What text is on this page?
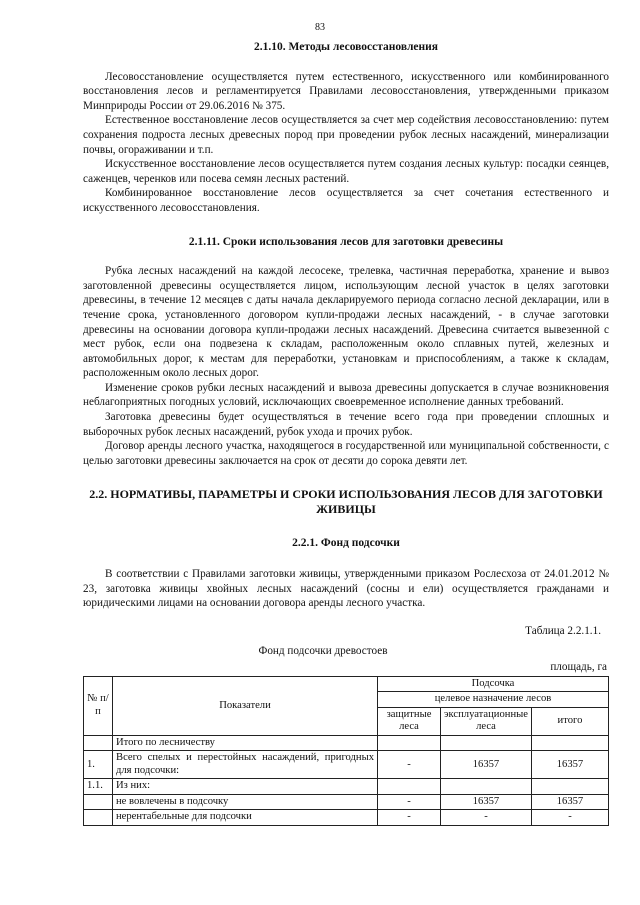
83
2.1.10. Методы лесовосстановления

Лесовосстановление осуществляется путем естественного, искусственного или комбинированного восстановления лесов и регламентируется Правилами лесовосстановления, утвержденными приказом Минприроды России от 29.06.2016 № 375.

Естественное восстановление лесов осуществляется за счет мер содействия лесовосстановлению: путем сохранения подроста лесных древесных пород при проведении рубок лесных насаждений, минерализации почвы, огораживании и т.п.

Искусственное восстановление лесов осуществляется путем создания лесных культур: посадки сеянцев, саженцев, черенков или посева семян лесных растений.

Комбинированное восстановление лесов осуществляется за счет сочетания естественного и искусственного лесовосстановления.

2.1.11. Сроки использования лесов для заготовки древесины

Рубка лесных насаждений на каждой лесосеке, трелевка, частичная переработка, хранение и вывоз заготовленной древесины осуществляется лицом, использующим лесной участок в целях заготовки древесины, в течение 12 месяцев с даты начала декларируемого периода согласно лесной декларации, или в течение срока, установленного договором купли-продажи лесных насаждений, - в случае заготовки древесины на основании договора купли-продажи лесных насаждений. Древесина считается вывезенной с мест рубок, если она подвезена к складам, расположенным около сплавных путей, железных и автомобильных дорог, к местам для переработки, установкам и приспособлениям, а также к складам, расположенным около лесных дорог.

Изменение сроков рубки лесных насаждений и вывоза древесины допускается в случае возникновения неблагоприятных погодных условий, исключающих своевременное исполнение данных требований.

Заготовка древесины будет осуществляться в течение всего года при проведении сплошных и выборочных рубок лесных насаждений, рубок ухода и прочих рубок.

Договор аренды лесного участка, находящегося в государственной или муниципальной собственности, с целью заготовки древесины заключается на срок от десяти до сорока девяти лет.

2.2. НОРМАТИВЫ, ПАРАМЕТРЫ И СРОКИ ИСПОЛЬЗОВАНИЯ ЛЕСОВ ДЛЯ ЗАГОТОВКИ ЖИВИЦЫ
2.2.1. Фонд подсочки

В соответствии с Правилами заготовки живицы, утвержденными приказом Рослесхоза от 24.01.2012 № 23, заготовка живицы хвойных лесных насаждений (сосны и ели) осуществляется гражданами и юридическими лицами на основании договора аренды лесного участка.

Таблица 2.2.1.1.
Фонд подсочки древостоев
площадь, га
№ п/п	Показатели	Подсочка		
		целевое назначение лесов		
		защитные леса	эксплуатационные леса	итого
	Итого по лесничеству			
1.	Всего спелых и перестойных насаждений, пригодных для подсочки:	-	16357	16357
1.1.	Из них:			
	не вовлечены в подсочку	-	16357	16357
	нерентабельные для подсочки	-	-	-
